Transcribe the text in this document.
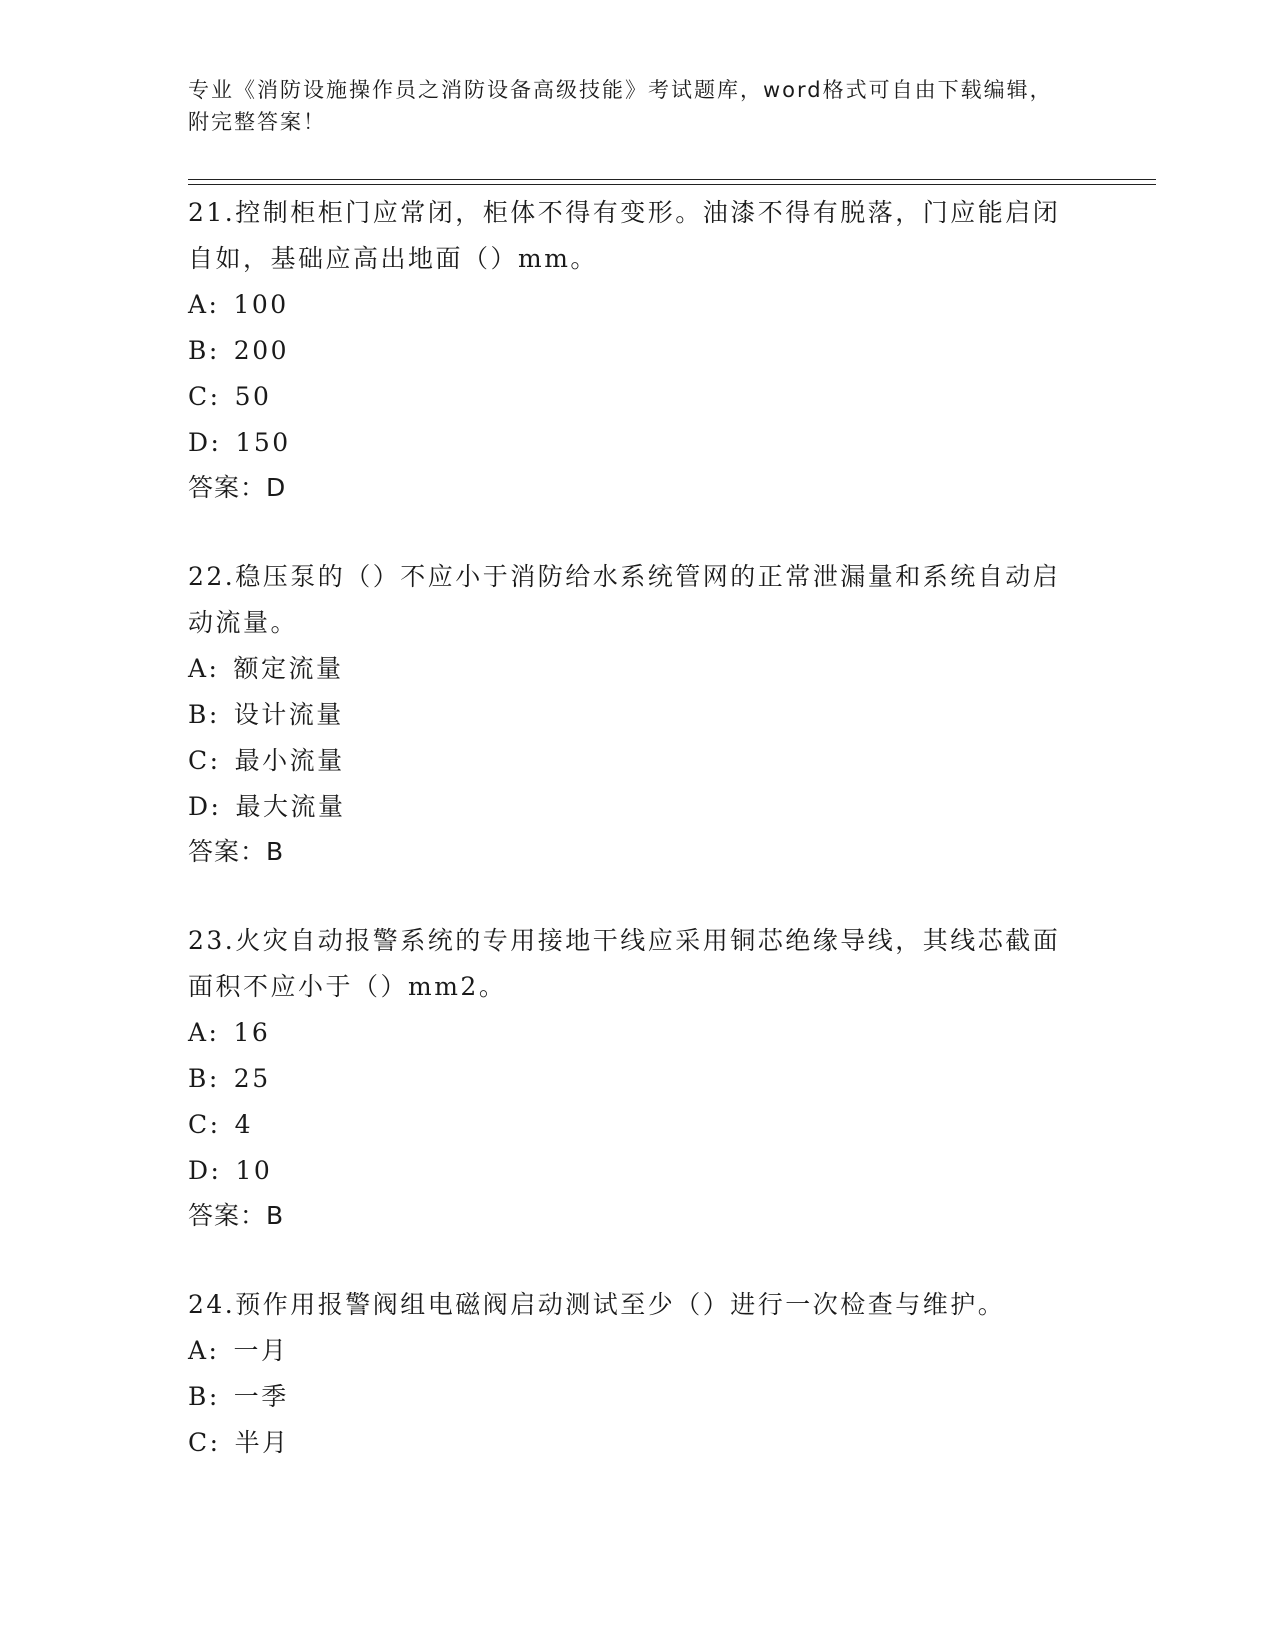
专业《消防设施操作员之消防设备高级技能》考试题库，word格式可自由下载编辑，附完整答案！

21.控制柜柜门应常闭，柜体不得有变形。油漆不得有脱落，门应能启闭自如，基础应高出地面（）mm。

A: 100

B: 200

C: 50

D: 150

答案：D

22.稳压泵的（）不应小于消防给水系统管网的正常泄漏量和系统自动启动流量。

A: 额定流量

B: 设计流量

C: 最小流量

D: 最大流量

答案：B

23.火灾自动报警系统的专用接地干线应采用铜芯绝缘导线，其线芯截面面积不应小于（）mm2。

A: 16

B: 25

C: 4

D: 10

答案：B

24.预作用报警阀组电磁阀启动测试至少（）进行一次检查与维护。

A: 一月

B: 一季

C: 半月
